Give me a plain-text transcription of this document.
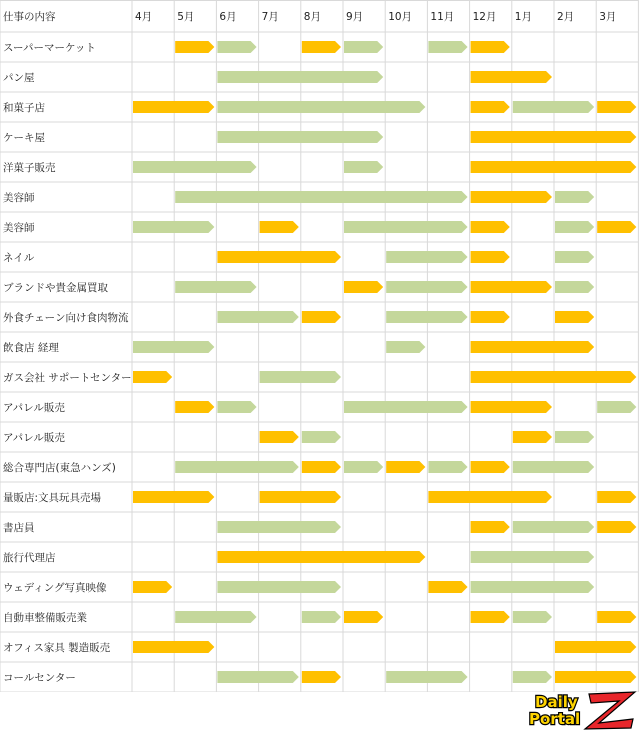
仕事の内容	4月 5月 6月 7月 8月 9月 10月 11月 12月 1月 2月 3月
スーパーマーケット
パン屋
和菓子店
ケーキ屋
洋菓子販売
美容師
美容師
ネイル
ブランドや貴金属買取
外食チェーン向け食肉物流
飲食店 経理
ガス会社 サポートセンター
アパレル販売
アパレル販売
総合専門店(東急ハンズ)
量販店:文具玩具売場
書店員
旅行代理店
ウェディング写真映像
自動車整備販売業
オフィス家具 製造販売
コールセンター
Daily
Portal
